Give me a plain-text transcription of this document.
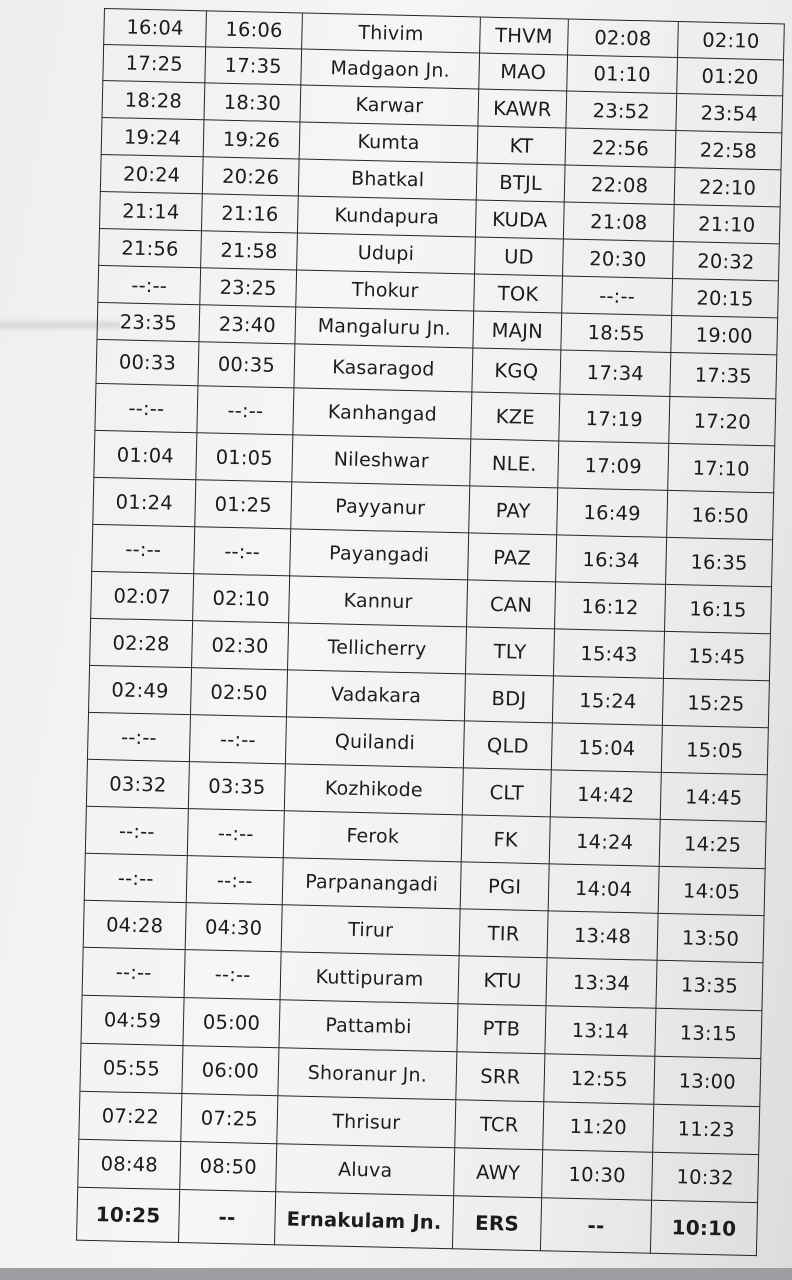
16:04	16:06	Thivim	THVM	02:08	02:10
17:25	17:35	Madgaon Jn.	MAO	01:10	01:20
18:28	18:30	Karwar	KAWR	23:52	23:54
19:24	19:26	Kumta	KT	22:56	22:58
20:24	20:26	Bhatkal	BTJL	22:08	22:10
21:14	21:16	Kundapura	KUDA	21:08	21:10
21:56	21:58	Udupi	UD	20:30	20:32
--:--	23:25	Thokur	TOK	--:--	20:15
23:35	23:40	Mangaluru Jn.	MAJN	18:55	19:00
00:33	00:35	Kasaragod	KGQ	17:34	17:35
--:--	--:--	Kanhangad	KZE	17:19	17:20
01:04	01:05	Nileshwar	NLE.	17:09	17:10
01:24	01:25	Payyanur	PAY	16:49	16:50
--:--	--:--	Payangadi	PAZ	16:34	16:35
02:07	02:10	Kannur	CAN	16:12	16:15
02:28	02:30	Tellicherry	TLY	15:43	15:45
02:49	02:50	Vadakara	BDJ	15:24	15:25
--:--	--:--	Quilandi	QLD	15:04	15:05
03:32	03:35	Kozhikode	CLT	14:42	14:45
--:--	--:--	Ferok	FK	14:24	14:25
--:--	--:--	Parpanangadi	PGI	14:04	14:05
04:28	04:30	Tirur	TIR	13:48	13:50
--:--	--:--	Kuttipuram	KTU	13:34	13:35
04:59	05:00	Pattambi	PTB	13:14	13:15
05:55	06:00	Shoranur Jn.	SRR	12:55	13:00
07:22	07:25	Thrisur	TCR	11:20	11:23
08:48	08:50	Aluva	AWY	10:30	10:32
10:25	--	Ernakulam Jn.	ERS	--	10:10
